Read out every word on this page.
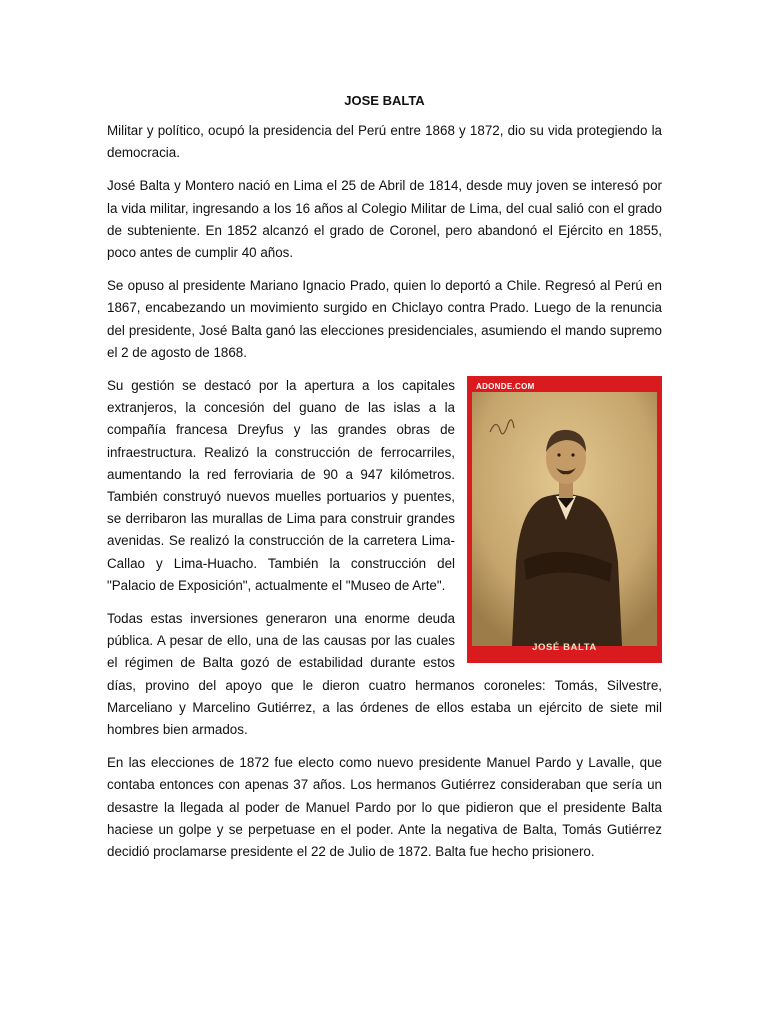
JOSE BALTA

Militar y político, ocupó la presidencia del Perú entre 1868 y 1872, dio su vida protegiendo la democracia.

José Balta y Montero nació en Lima el 25 de Abril de 1814, desde muy joven se interesó por la vida militar, ingresando a los 16 años al Colegio Militar de Lima, del cual salió con el grado de subteniente. En 1852 alcanzó el grado de Coronel, pero abandonó el Ejército en 1855, poco antes de cumplir 40 años.

Se opuso al presidente Mariano Ignacio Prado, quien lo deportó a Chile. Regresó al Perú en 1867, encabezando un movimiento surgido en Chiclayo contra Prado. Luego de la renuncia del presidente, José Balta ganó las elecciones presidenciales, asumiendo el mando supremo el 2 de agosto de 1868.

ADONDE.COM
JOSÉ BALTA

Su gestión se destacó por la apertura a los capitales extranjeros, la concesión del guano de las islas a la compañía francesa Dreyfus y las grandes obras de infraestructura. Realizó la construcción de ferrocarriles, aumentando la red ferroviaria de 90 a 947 kilómetros. También construyó nuevos muelles portuarios y puentes, se derribaron las murallas de Lima para construir grandes avenidas. Se realizó la construcción de la carretera Lima-Callao y Lima-Huacho. También la construcción del "Palacio de Exposición", actualmente el "Museo de Arte".

Todas estas inversiones generaron una enorme deuda pública. A pesar de ello, una de las causas por las cuales el régimen de Balta gozó de estabilidad durante estos días, provino del apoyo que le dieron cuatro hermanos coroneles: Tomás, Silvestre, Marceliano y Marcelino Gutiérrez, a las órdenes de ellos estaba un ejército de siete mil hombres bien armados.

En las elecciones de 1872 fue electo como nuevo presidente Manuel Pardo y Lavalle, que contaba entonces con apenas 37 años. Los hermanos Gutiérrez consideraban que sería un desastre la llegada al poder de Manuel Pardo por lo que pidieron que el presidente Balta haciese un golpe y se perpetuase en el poder. Ante la negativa de Balta, Tomás Gutiérrez decidió proclamarse presidente el 22 de Julio de 1872. Balta fue hecho prisionero.
